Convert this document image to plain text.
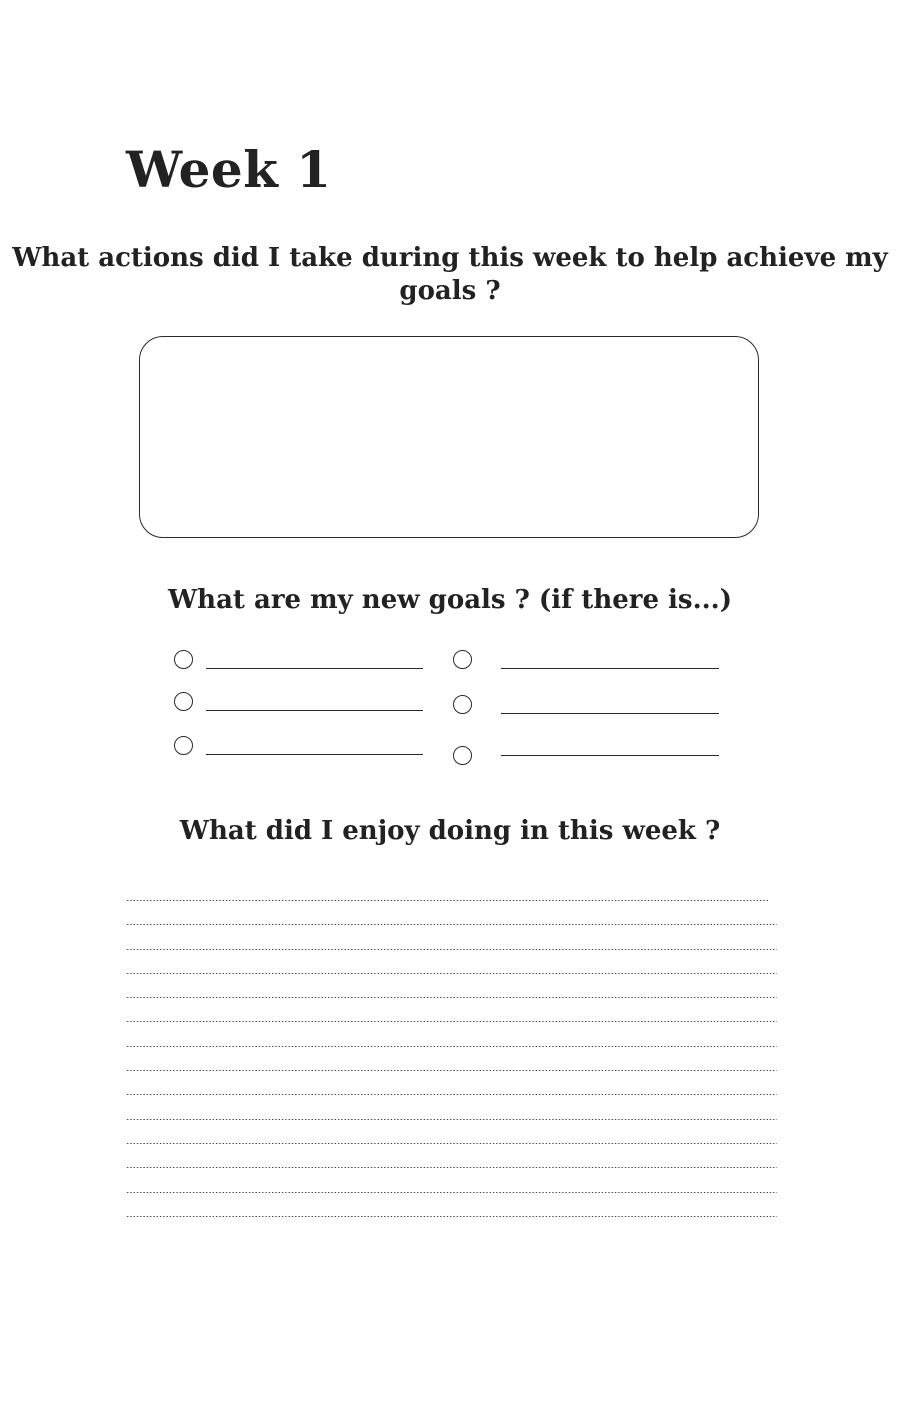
Week 1

What actions did I take during this week to help achieve my goals ?

What are my new goals ? (if there is...)

What did I enjoy doing in this week ?
